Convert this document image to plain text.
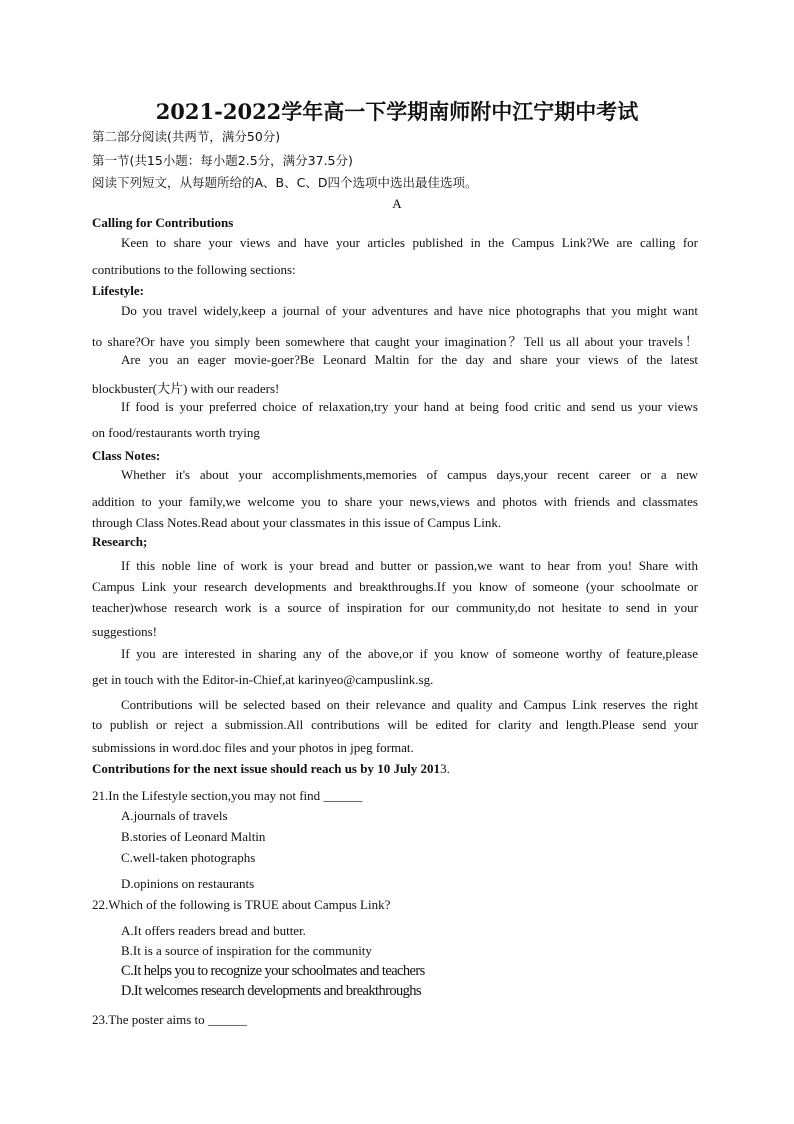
2021-2022学年高一下学期南师附中江宁期中考试
第二部分阅读(共两节，满分50分)
第一节(共15小题：每小题2.5分，满分37.5分)
阅读下列短文，从每题所给的A、B、C、D四个选项中选出最佳选项。
A
Calling for Contributions
Keen to share your views and have your articles published in the Campus Link?We are calling for
contributions to the following sections:
Lifestyle:
Do you travel widely,keep a journal of your adventures and have nice photographs that you might want
to share?Or have you simply been somewhere that caught your imagination？Tell us all about your travels！
Are you an eager movie-goer?Be Leonard Maltin for the day and share your views of the latest
blockbuster(大片) with our readers!
If food is your preferred choice of relaxation,try your hand at being food critic and send us your views
on food/restaurants worth trying
Class Notes:
Whether it's about your accomplishments,memories of campus days,your recent career or a new
addition to your family,we welcome you to share your news,views and photos with friends and classmates
through Class Notes.Read about your classmates in this issue of Campus Link.
Research;
If this noble line of work is your bread and butter or passion,we want to hear from you! Share with
Campus Link your research developments and breakthroughs.If you know of someone (your schoolmate or
teacher)whose research work is a source of inspiration for our community,do not hesitate to send in your
suggestions!
If you are interested in sharing any of the above,or if you know of someone worthy of feature,please
get in touch with the Editor-in-Chief,at karinyeo@campuslink.sg.
Contributions will be selected based on their relevance and quality and Campus Link reserves the right
to publish or reject a submission.All contributions will be edited for clarity and length.Please send your
submissions in word.doc files and your photos in jpeg format.
Contributions for the next issue should reach us by 10 July 2013.
21.In the Lifestyle section,you may not find ______
A.journals of travels
B.stories of Leonard Maltin
C.well-taken photographs
D.opinions on restaurants
22.Which of the following is TRUE about Campus Link?
A.It offers readers bread and butter.
B.It is a source of inspiration for the community
C.It helps you to recognize your schoolmates and teachers
D.It welcomes research developments and breakthroughs
23.The poster aims to ______
